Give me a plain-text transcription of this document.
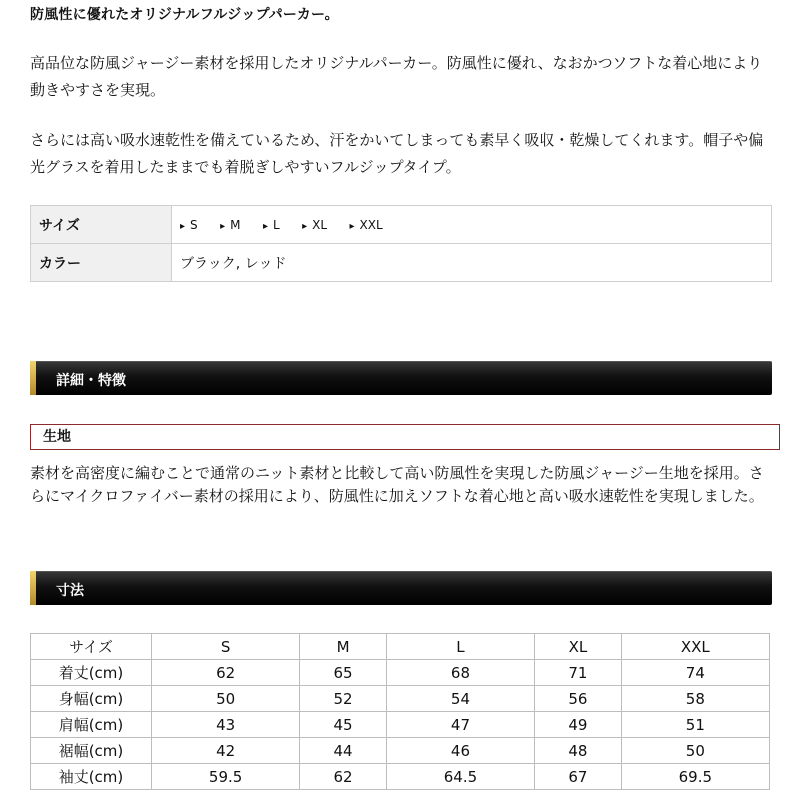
防風性に優れたオリジナルフルジップパーカー。

高品位な防風ジャージー素材を採用したオリジナルパーカー。防風性に優れ、なおかつソフトな着心地により動きやすさを実現。

さらには高い吸水速乾性を備えているため、汗をかいてしまっても素早く吸収・乾燥してくれます。帽子や偏光グラスを着用したままでも着脱ぎしやすいフルジップタイプ。

サイズ	▸ S ▸ M ▸ L ▸ XL ▸ XXL
カラー	ブラック, レッド
詳細・特徴
生地

素材を高密度に編むことで通常のニット素材と比較して高い防風性を実現した防風ジャージー生地を採用。さらにマイクロファイバー素材の採用により、防風性に加えソフトな着心地と高い吸水速乾性を実現しました。

寸法
サイズ	S	M	L	XL	XXL
着丈(cm)	62	65	68	71	74
身幅(cm)	50	52	54	56	58
肩幅(cm)	43	45	47	49	51
裾幅(cm)	42	44	46	48	50
袖丈(cm)	59.5	62	64.5	67	69.5
